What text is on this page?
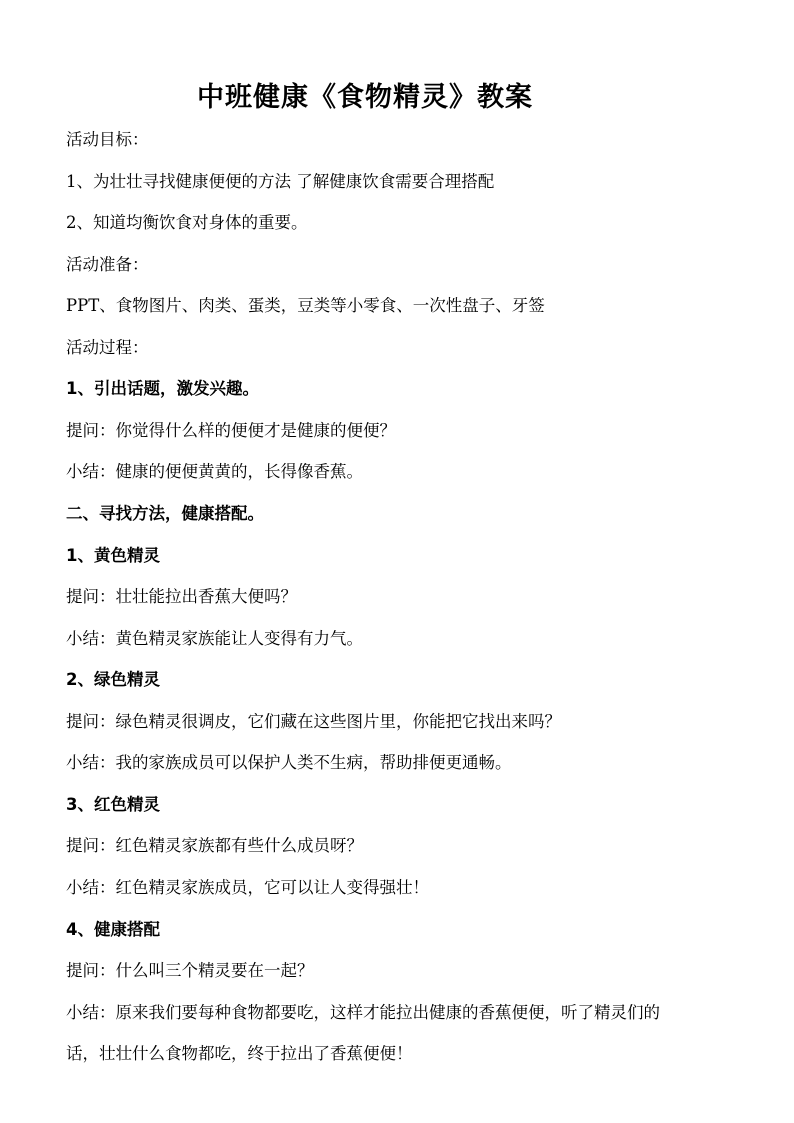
中班健康《食物精灵》教案
活动目标：
1、为壮壮寻找健康便便的方法 了解健康饮食需要合理搭配
2、知道均衡饮食对身体的重要。
活动准备：
PPT、食物图片、肉类、蛋类，豆类等小零食、一次性盘子、牙签
活动过程：
1、引出话题，激发兴趣。
提问：你觉得什么样的便便才是健康的便便？
小结：健康的便便黄黄的，长得像香蕉。
二、寻找方法，健康搭配。
1、黄色精灵
提问：壮壮能拉出香蕉大便吗？
小结：黄色精灵家族能让人变得有力气。
2、绿色精灵
提问：绿色精灵很调皮，它们藏在这些图片里，你能把它找出来吗？
小结：我的家族成员可以保护人类不生病，帮助排便更通畅。
3、红色精灵
提问：红色精灵家族都有些什么成员呀？
小结：红色精灵家族成员，它可以让人变得强壮！
4、健康搭配
提问：什么叫三个精灵要在一起？
小结：原来我们要每种食物都要吃，这样才能拉出健康的香蕉便便，听了精灵们的
话，壮壮什么食物都吃，终于拉出了香蕉便便！
